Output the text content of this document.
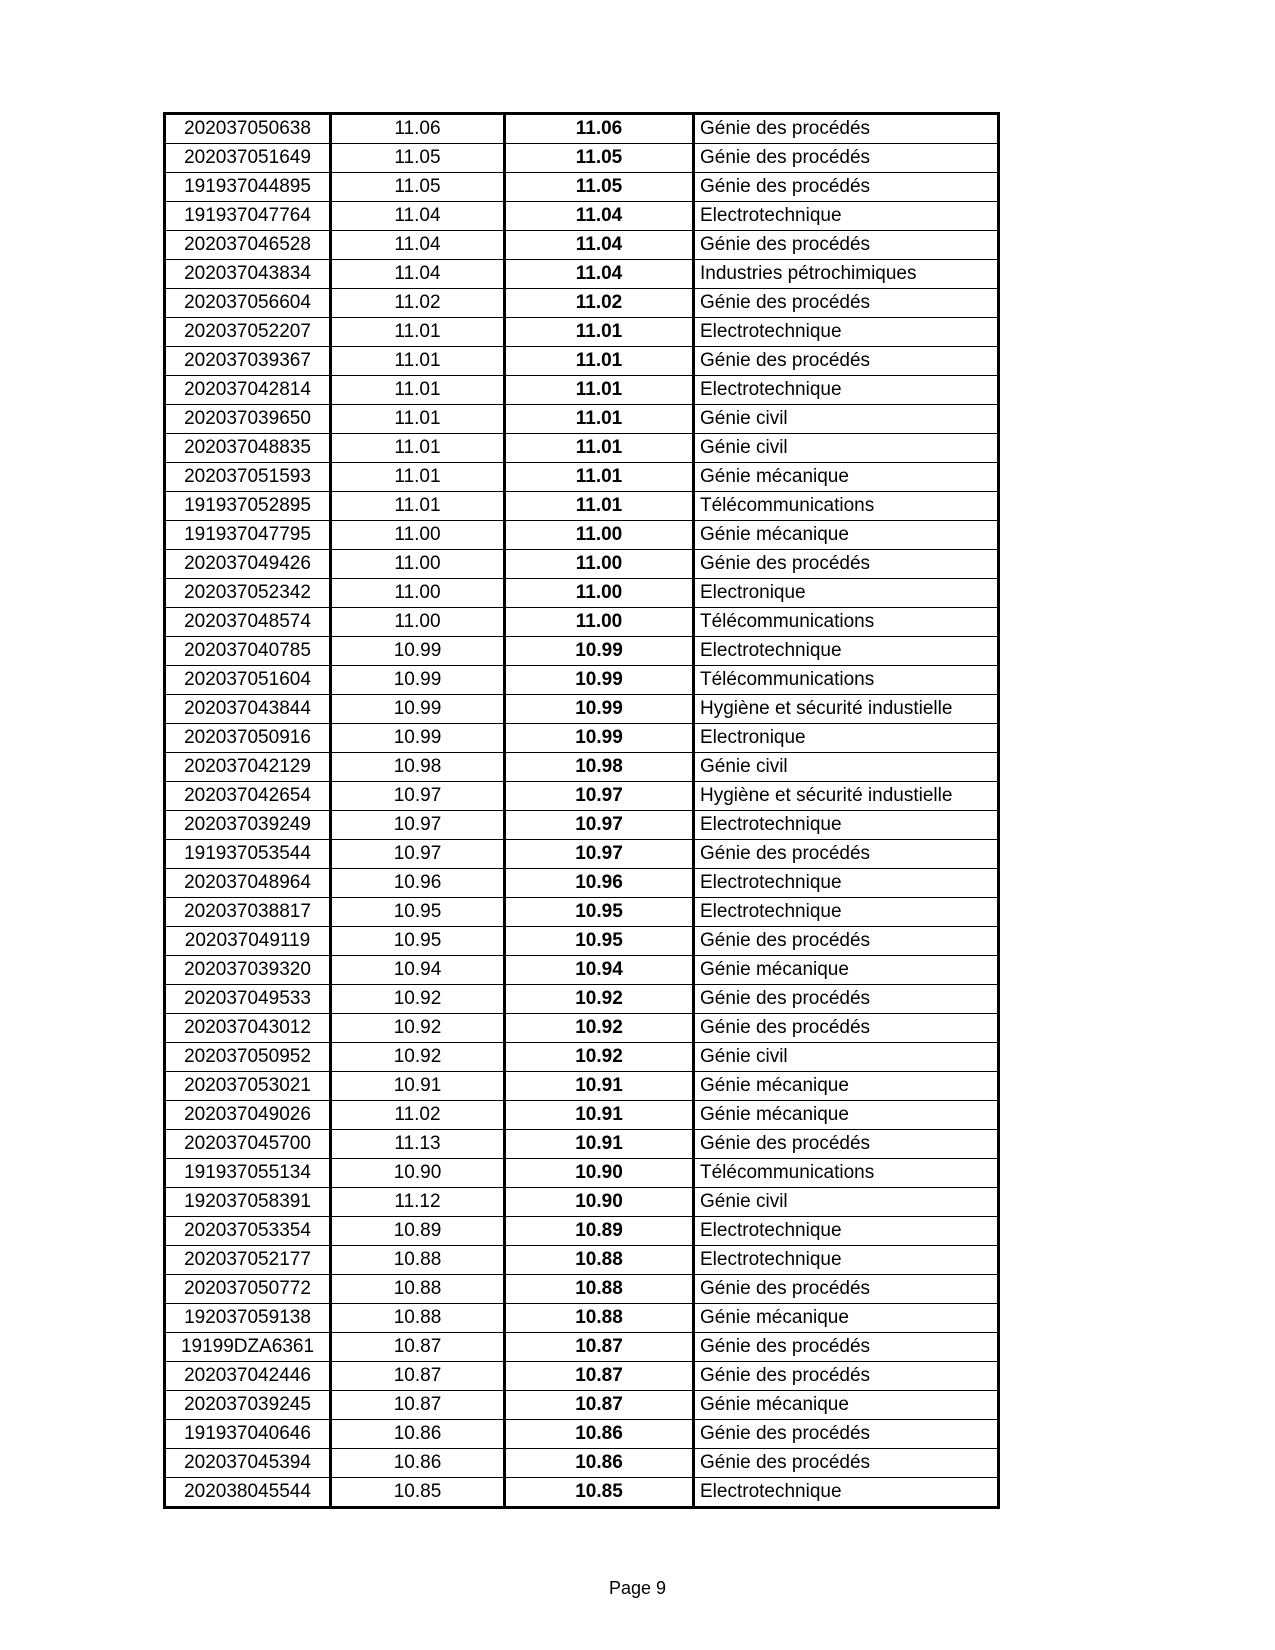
202037050638	11.06	11.06	Génie des procédés
202037051649	11.05	11.05	Génie des procédés
191937044895	11.05	11.05	Génie des procédés
191937047764	11.04	11.04	Electrotechnique
202037046528	11.04	11.04	Génie des procédés
202037043834	11.04	11.04	Industries pétrochimiques
202037056604	11.02	11.02	Génie des procédés
202037052207	11.01	11.01	Electrotechnique
202037039367	11.01	11.01	Génie des procédés
202037042814	11.01	11.01	Electrotechnique
202037039650	11.01	11.01	Génie civil
202037048835	11.01	11.01	Génie civil
202037051593	11.01	11.01	Génie mécanique
191937052895	11.01	11.01	Télécommunications
191937047795	11.00	11.00	Génie mécanique
202037049426	11.00	11.00	Génie des procédés
202037052342	11.00	11.00	Electronique
202037048574	11.00	11.00	Télécommunications
202037040785	10.99	10.99	Electrotechnique
202037051604	10.99	10.99	Télécommunications
202037043844	10.99	10.99	Hygiène et sécurité industielle
202037050916	10.99	10.99	Electronique
202037042129	10.98	10.98	Génie civil
202037042654	10.97	10.97	Hygiène et sécurité industielle
202037039249	10.97	10.97	Electrotechnique
191937053544	10.97	10.97	Génie des procédés
202037048964	10.96	10.96	Electrotechnique
202037038817	10.95	10.95	Electrotechnique
202037049119	10.95	10.95	Génie des procédés
202037039320	10.94	10.94	Génie mécanique
202037049533	10.92	10.92	Génie des procédés
202037043012	10.92	10.92	Génie des procédés
202037050952	10.92	10.92	Génie civil
202037053021	10.91	10.91	Génie mécanique
202037049026	11.02	10.91	Génie mécanique
202037045700	11.13	10.91	Génie des procédés
191937055134	10.90	10.90	Télécommunications
192037058391	11.12	10.90	Génie civil
202037053354	10.89	10.89	Electrotechnique
202037052177	10.88	10.88	Electrotechnique
202037050772	10.88	10.88	Génie des procédés
192037059138	10.88	10.88	Génie mécanique
19199DZA6361	10.87	10.87	Génie des procédés
202037042446	10.87	10.87	Génie des procédés
202037039245	10.87	10.87	Génie mécanique
191937040646	10.86	10.86	Génie des procédés
202037045394	10.86	10.86	Génie des procédés
202038045544	10.85	10.85	Electrotechnique
Page 9
